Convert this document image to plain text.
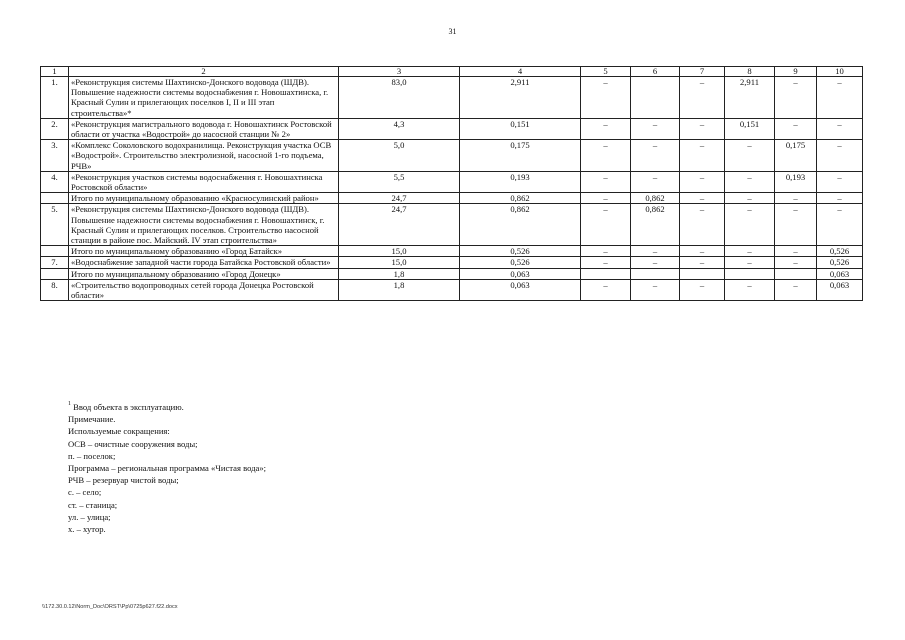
31
1	2	3	4	5	6	7	8	9	10
1.	«Реконструкция системы Шахтинско-Донского водовода (ШДВ). Повышение надежности системы водоснабжения г. Новошахтинска, г. Красный Сулин и прилегающих поселков I, II и III этап строительства»*	83,0	2,911	–		–	2,911	–	–
2.	«Реконструкция магистрального водовода г. Новошахтинск Ростовской области от участка «Водострой» до насосной станции № 2»	4,3	0,151	–	–	–	0,151	–	–
3.	«Комплекс Соколовского водохранилища. Реконструкция участка ОСВ «Водострой». Строительство электролизной, насосной 1-го подъема, РЧВ»	5,0	0,175	–	–	–	–	0,175	–
4.	«Реконструкция участков системы водоснабжения г. Новошахтинска Ростовской области»	5,5	0,193	–	–	–	–	0,193	–
	Итого по муниципальному образованию «Красносулинский район»	24,7	0,862	–	0,862	–	–	–	–
5.	«Реконструкция системы Шахтинско-Донского водовода (ШДВ). Повышение надежности системы водоснабжения г. Новошахтинск, г. Красный Сулин и прилегающих поселков. Строительство насосной станции в районе пос. Майский. IV этап строительства»	24,7	0,862	–	0,862	–	–	–	–
	Итого по муниципальному образованию «Город Батайск»	15,0	0,526	–	–	–	–	–	0,526
7.	«Водоснабжение западной части города Батайска Ростовской области»	15,0	0,526	–	–	–	–	–	0,526
	Итого по муниципальному образованию «Город Донецк»	1,8	0,063						0,063
8.	«Строительство водопроводных сетей города Донецка Ростовской области»	1,8	0,063	–	–	–	–	–	0,063
$^1$ Ввод объекта в эксплуатацию.
Примечание.
Используемые сокращения:
ОСВ – очистные сооружения воды;
п. – поселок;
Программа – региональная программа «Чистая вода»;
РЧВ – резервуар чистой воды;
с. – село;
ст. – станица;
ул. – улица;
х. – хутор.
\\172.30.0.12\Norm_Doc\ORST\Pp\0725p627.f22.docx
